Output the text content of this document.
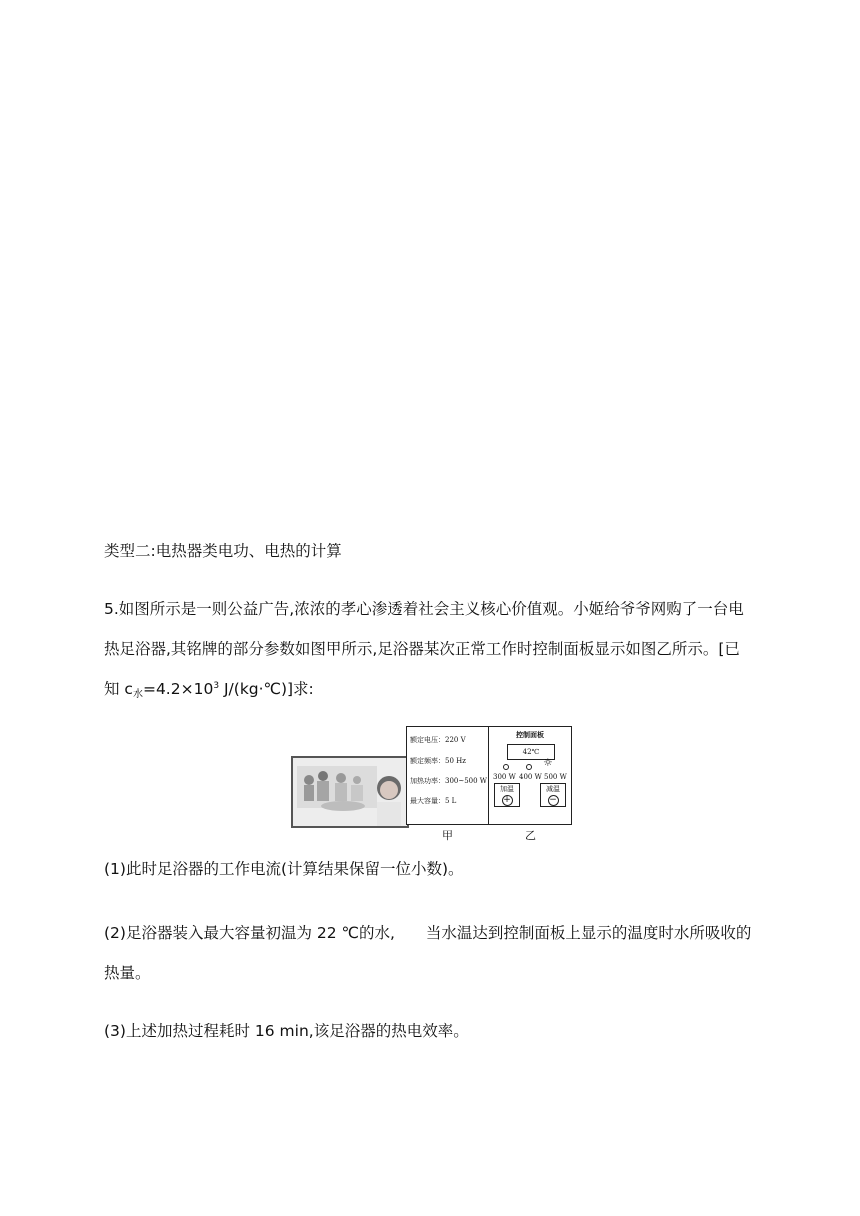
类型二:电热器类电功、电热的计算
5.如图所示是一则公益广告,浓浓的孝心渗透着社会主义核心价值观。小姬给爷爷网购了一台电
热足浴器,其铭牌的部分参数如图甲所示,足浴器某次正常工作时控制面板显示如图乙所示。[已
知 $c_水=4.2\times 10^3$ J/(kg·℃)]求:
额定电压：220 V
额定频率：50 Hz
加热功率：300~500 W
最大容量：5 L
控制面板
42℃
☼
300 W 400 W 500 W
加温
+
减温
−
甲	乙
(1)此时足浴器的工作电流(计算结果保留一位小数)。
(2)足浴器装入最大容量初温为 22 ℃的水,　　当水温达到控制面板上显示的温度时水所吸收的
热量。
(3)上述加热过程耗时 16 min,该足浴器的热电效率。
